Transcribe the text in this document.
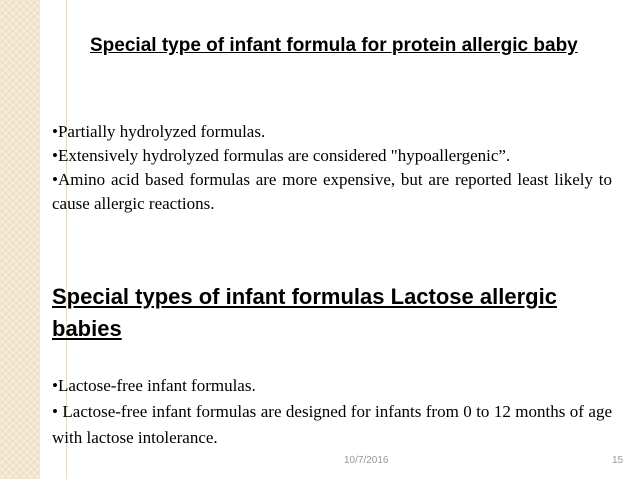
Special type of infant formula for protein allergic baby

•Partially hydrolyzed formulas.

•Extensively hydrolyzed formulas are considered "hypoallergenic”.

•Amino acid based formulas are more expensive, but are reported least likely to cause allergic reactions.

Special types of infant formulas Lactose allergic babies

•Lactose-free infant formulas.

• Lactose-free infant formulas are designed for infants from 0 to 12 months of age with lactose intolerance.

10/7/2016	15
